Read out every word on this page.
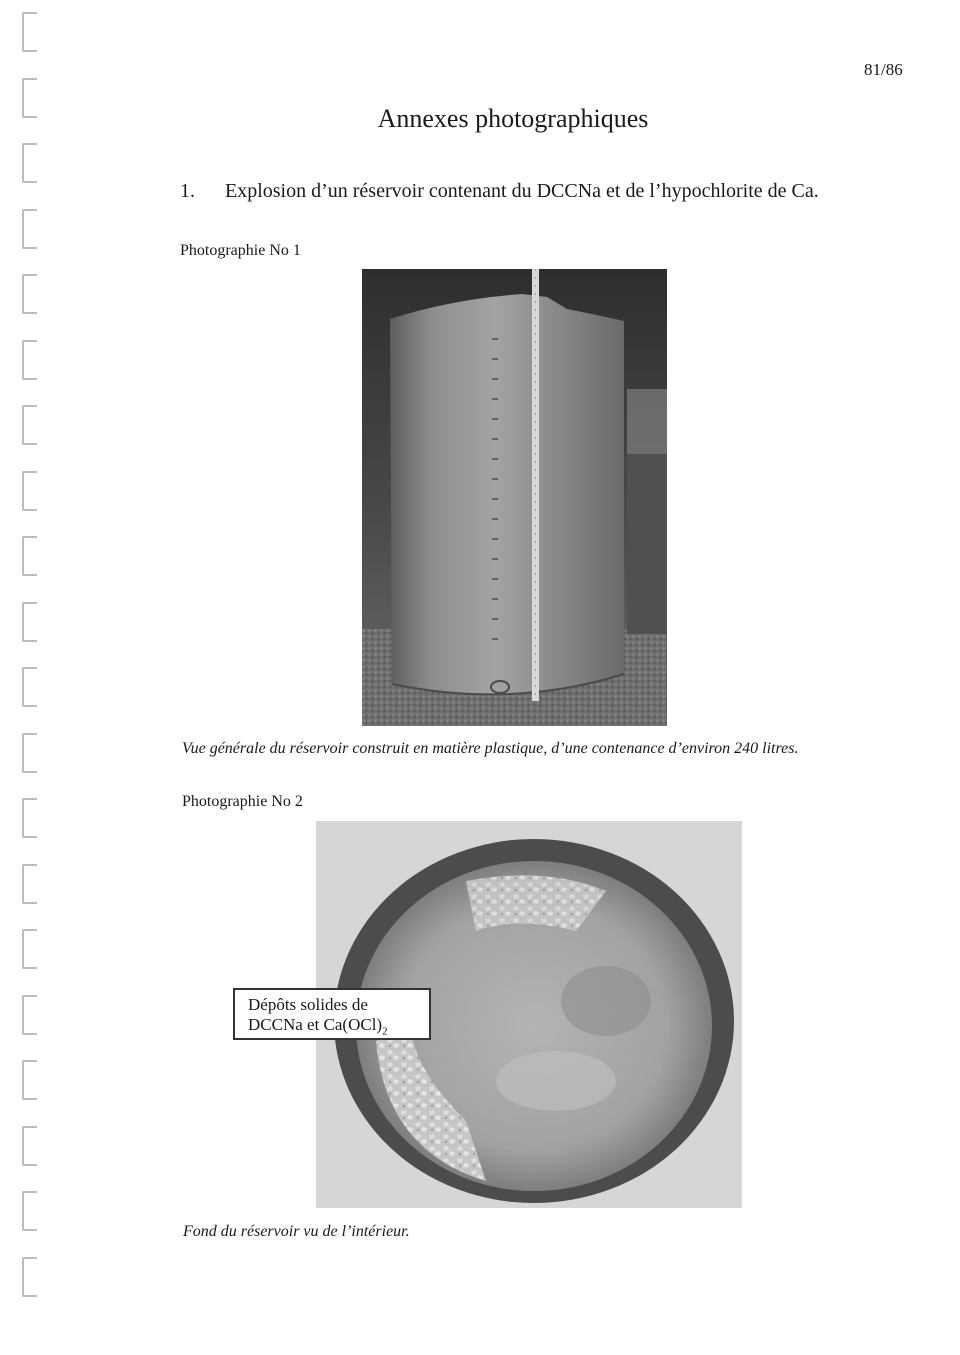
81/86
Annexes photographiques
1. Explosion d’un réservoir contenant du DCCNa et de l’hypochlorite de Ca.
Photographie No 1
Vue générale du réservoir construit en matière plastique, d’une contenance d’environ 240 litres.
Photographie No 2
Dépôts solides de
DCCNa et $Ca(OCl)_2$
Fond du réservoir vu de l’intérieur.
